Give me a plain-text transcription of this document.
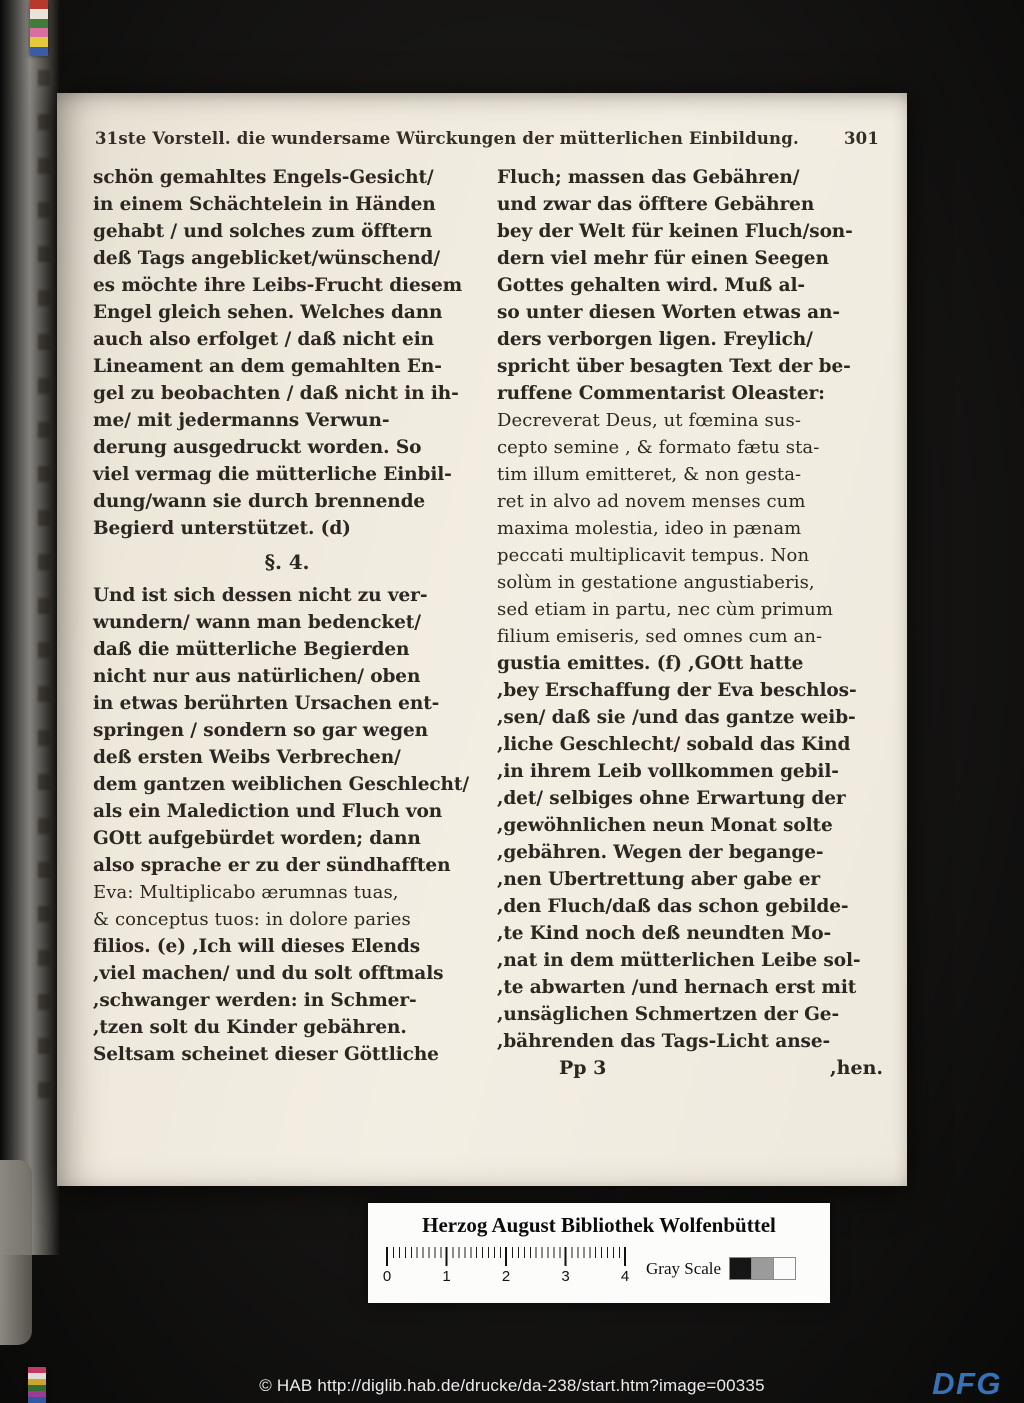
31ste Vorstell. die wundersame Würckungen der mütterlichen Einbildung.	301
schön gemahltes Engels-Gesicht/
in einem Schächtelein in Händen
gehabt / und solches zum öfftern
deß Tags angeblicket/wünschend/
es möchte ihre Leibs-Frucht diesem
Engel gleich sehen. Welches dann
auch also erfolget / daß nicht ein
Lineament an dem gemahlten En-
gel zu beobachten / daß nicht in ih-
me/ mit jedermanns Verwun-
derung ausgedruckt worden. So
viel vermag die mütterliche Einbil-
dung/wann sie durch brennende
Begierd unterstützet. (d)
§. 4.
Und ist sich dessen nicht zu ver-
wundern/ wann man bedencket/
daß die mütterliche Begierden
nicht nur aus natürlichen/ oben
in etwas berührten Ursachen ent-
springen / sondern so gar wegen
deß ersten Weibs Verbrechen/
dem gantzen weiblichen Geschlecht/
als ein Malediction und Fluch von
GOtt aufgebürdet worden; dann
also sprache er zu der sündhafften
Eva: Multiplicabo ærumnas tuas,
& conceptus tuos: in dolore paries
filios. (e) ,Ich will dieses Elends
,viel machen/ und du solt offtmals
,schwanger werden: in Schmer-
,tzen solt du Kinder gebähren.
Seltsam scheinet dieser Göttliche
Fluch; massen das Gebähren/
und zwar das öfftere Gebähren
bey der Welt für keinen Fluch/son-
dern viel mehr für einen Seegen
Gottes gehalten wird. Muß al-
so unter diesen Worten etwas an-
ders verborgen ligen. Freylich/
spricht über besagten Text der be-
ruffene Commentarist Oleaster:
Decreverat Deus, ut fœmina sus-
cepto semine , & formato fætu sta-
tim illum emitteret, & non gesta-
ret in alvo ad novem menses cum
maxima molestia, ideo in pænam
peccati multiplicavit tempus. Non
solùm in gestatione angustiaberis,
sed etiam in partu, nec cùm primum
filium emiseris, sed omnes cum an-
gustia emittes. (f) ,GOtt hatte
,bey Erschaffung der Eva beschlos-
,sen/ daß sie /und das gantze weib-
,liche Geschlecht/ sobald das Kind
,in ihrem Leib vollkommen gebil-
,det/ selbiges ohne Erwartung der
,gewöhnlichen neun Monat solte
,gebähren. Wegen der begange-
,nen Ubertrettung aber gabe er
,den Fluch/daß das schon gebilde-
,te Kind noch deß neundten Mo-
,nat in dem mütterlichen Leibe sol-
,te abwarten /und hernach erst mit
,unsäglichen Schmertzen der Ge-
,bährenden das Tags-Licht anse-
Pp 3	,hen.
Herzog August Bibliothek Wolfenbüttel
0	1	2	3	4 Gray Scale
© HAB http://diglib.hab.de/drucke/da-238/start.htm?image=00335	DFG
